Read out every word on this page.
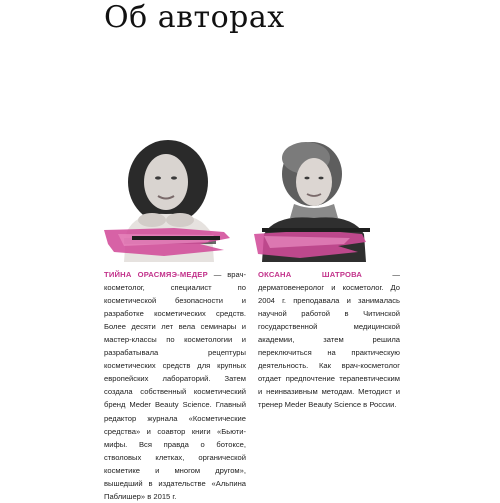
Об авторах
ТИЙНА ОРАСМЯЭ-МЕДЕР — врач-косметолог, специалист по косметической безопасности и разработке косметических средств. Более десяти лет вела семинары и мастер-классы по косметологии и разрабатывала рецептуры косметических средств для крупных европейских лабораторий. Затем создала собственный косметический бренд Meder Beauty Science. Главный редактор журнала «Косметические средства» и соавтор книги «Бьюти-мифы. Вся правда о ботоксе, стволовых клетках, органической косметике и многом другом», вышедший в издательстве «Альпина Паблишер» в 2015 г.
ОКСАНА ШАТРОВА — дерматовенеролог и косметолог. До 2004 г. преподавала и занималась научной работой в Читинской государственной медицинской академии, затем решила переключиться на практическую деятельность. Как врач-косметолог отдает предпочтение терапевтическим и неинвазивным методам. Методист и тренер Meder Beauty Science в России.
